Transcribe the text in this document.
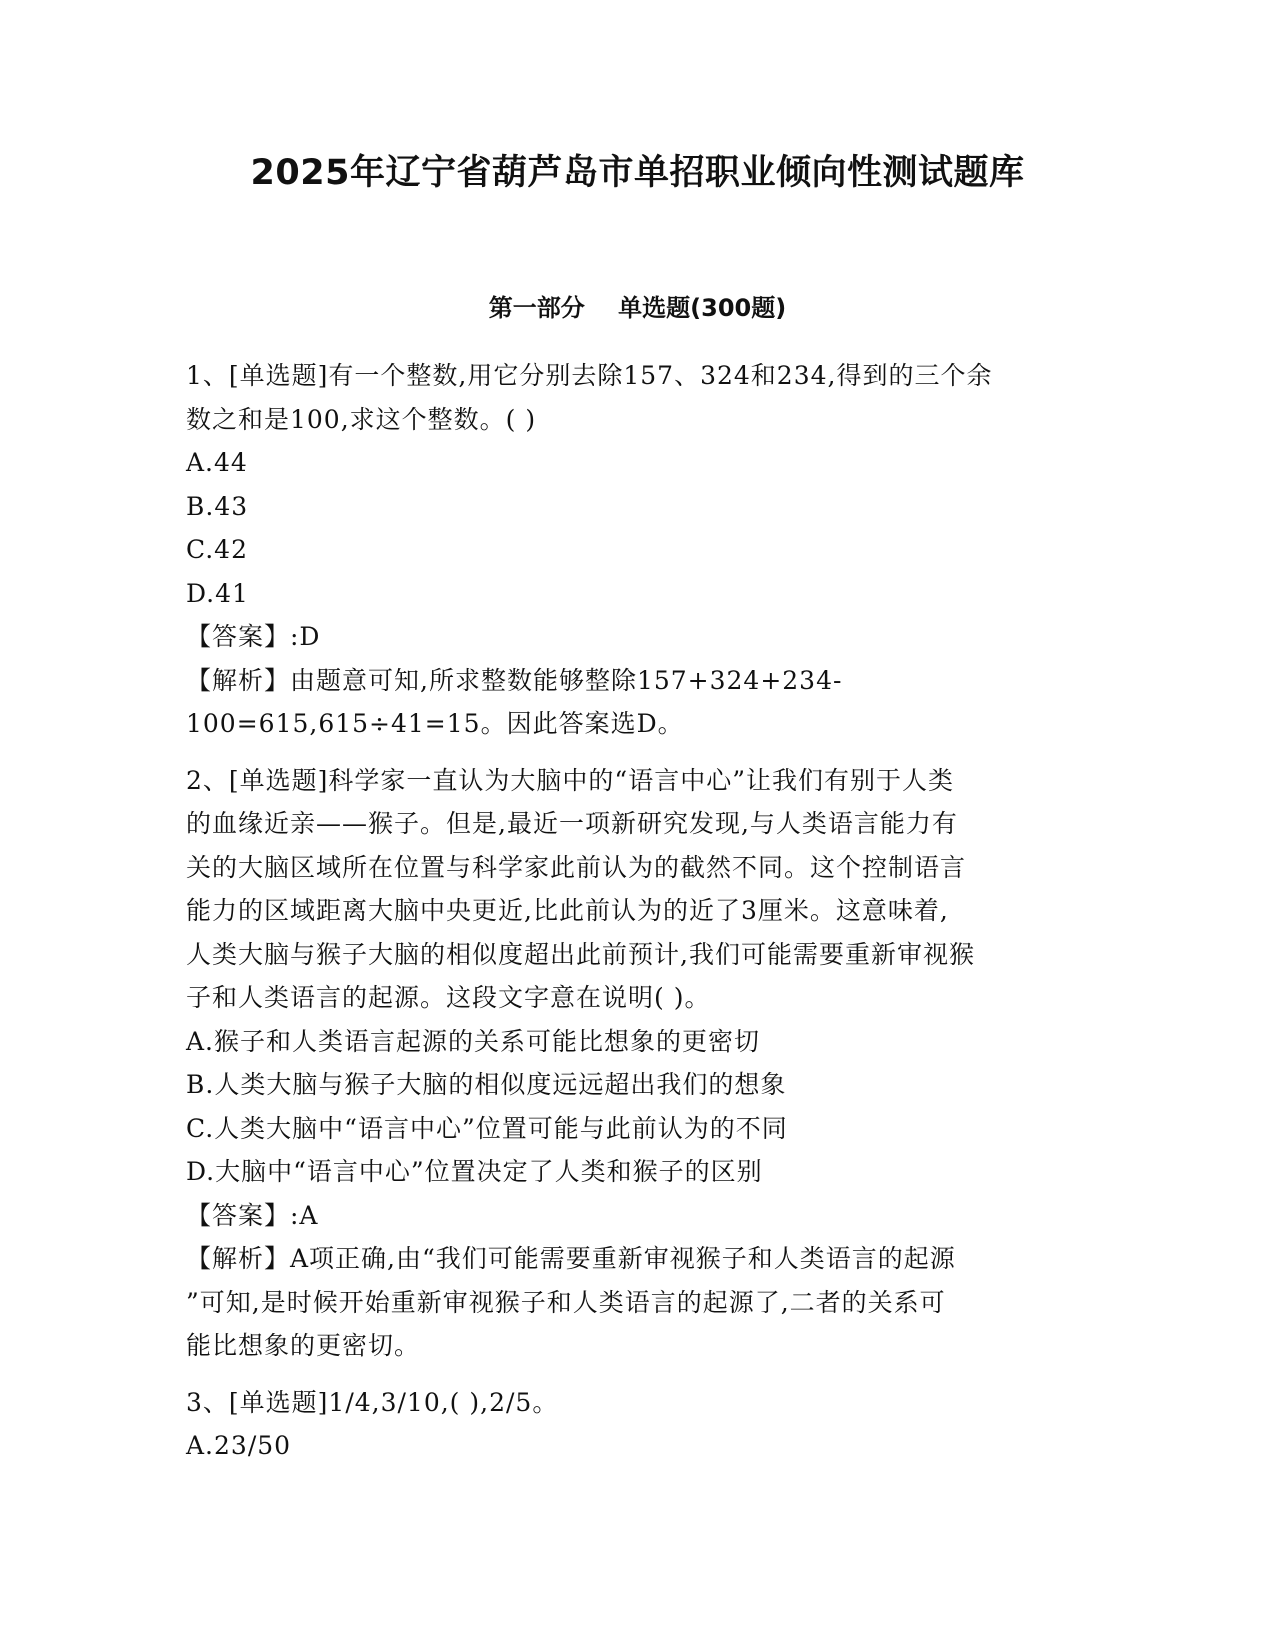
2025年辽宁省葫芦岛市单招职业倾向性测试题库
第一部分    单选题(300题)
1、[单选题]有一个整数,用它分别去除157、324和234,得到的三个余
数之和是100,求这个整数。( )
A.44
B.43
C.42
D.41
【答案】:D
【解析】由题意可知,所求整数能够整除157+324+234-
100=615,615÷41=15。因此答案选D。
2、[单选题]科学家一直认为大脑中的“语言中心”让我们有别于人类
的血缘近亲——猴子。但是,最近一项新研究发现,与人类语言能力有
关的大脑区域所在位置与科学家此前认为的截然不同。这个控制语言
能力的区域距离大脑中央更近,比此前认为的近了3厘米。这意味着,
人类大脑与猴子大脑的相似度超出此前预计,我们可能需要重新审视猴
子和人类语言的起源。这段文字意在说明( )。
A.猴子和人类语言起源的关系可能比想象的更密切
B.人类大脑与猴子大脑的相似度远远超出我们的想象
C.人类大脑中“语言中心”位置可能与此前认为的不同
D.大脑中“语言中心”位置决定了人类和猴子的区别
【答案】:A
【解析】A项正确,由“我们可能需要重新审视猴子和人类语言的起源
”可知,是时候开始重新审视猴子和人类语言的起源了,二者的关系可
能比想象的更密切。
3、[单选题]1/4,3/10,( ),2/5。
A.23/50
